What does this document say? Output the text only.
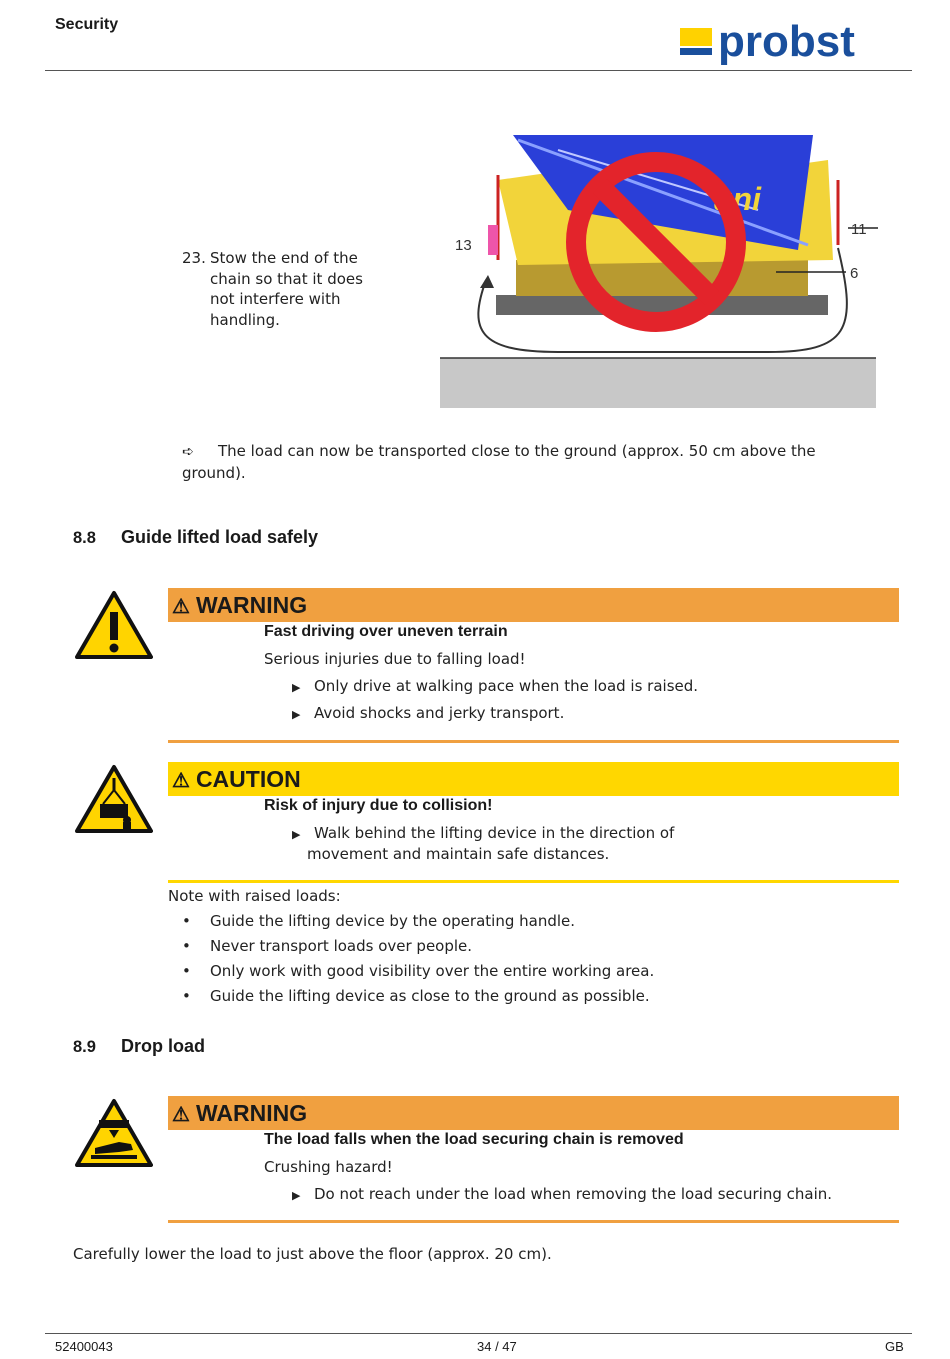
Security	probst
23. Stow the end of the chain so that it does not interfere with handling.
uni
13
11
6
➪ The load can now be transported close to the ground (approx. 50 cm above the ground).
8.8 Guide lifted load safely
⚠ WARNING
Fast driving over uneven terrain
Serious injuries due to falling load!
▶ Only drive at walking pace when the load is raised.
▶ Avoid shocks and jerky transport.
⚠ CAUTION
Risk of injury due to collision!
▶ Walk behind the lifting device in the direction of
movement and maintain safe distances.
Note with raised loads:
• Guide the lifting device by the operating handle.
• Never transport loads over people.
• Only work with good visibility over the entire working area.
• Guide the lifting device as close to the ground as possible.
8.9 Drop load
⚠ WARNING
The load falls when the load securing chain is removed
Crushing hazard!
▶ Do not reach under the load when removing the load securing chain.
Carefully lower the load to just above the floor (approx. 20 cm).
52400043	34 / 47	GB
